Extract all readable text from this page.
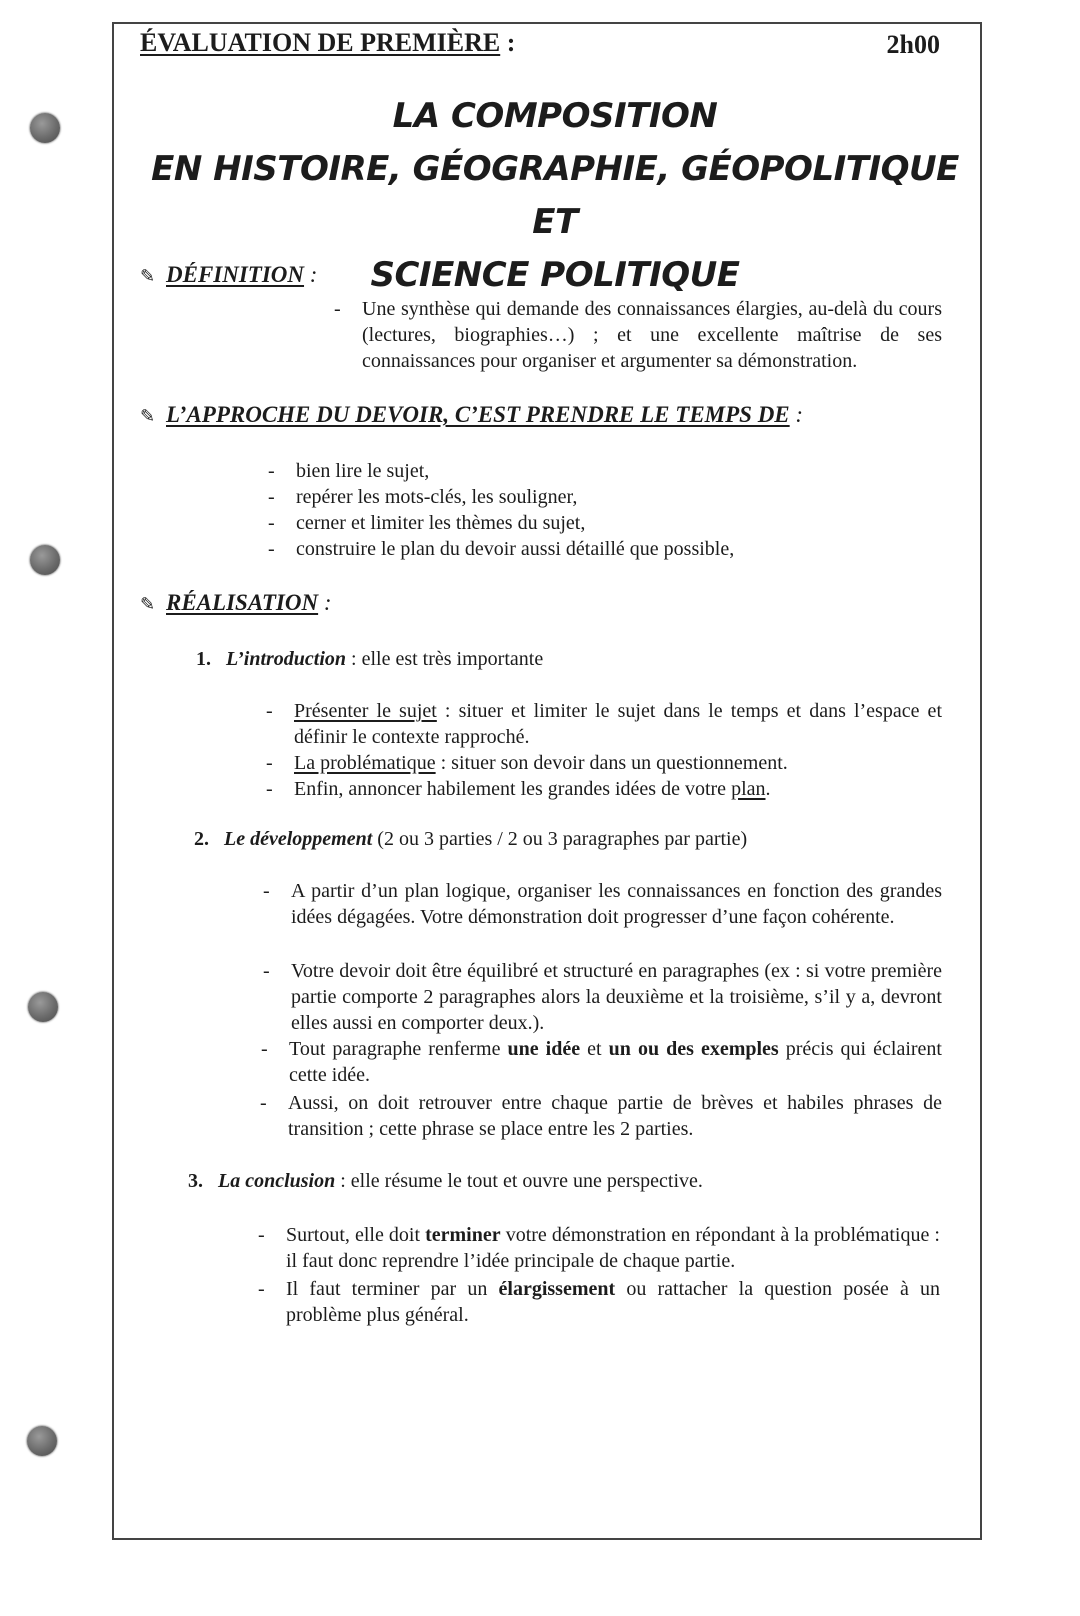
ÉVALUATION DE PREMIÈRE :	2h00
LA COMPOSITION
EN HISTOIRE, GÉOGRAPHIE, GÉOPOLITIQUE ET
SCIENCE POLITIQUE
✎ DÉFINITION :
- Une synthèse qui demande des connaissances élargies, au-delà du cours (lectures, biographies…) ; et une excellente maîtrise de ses connaissances pour organiser et argumenter sa démonstration.
✎ L’APPROCHE DU DEVOIR, C’EST PRENDRE LE TEMPS DE :
- bien lire le sujet,
- repérer les mots-clés, les souligner,
- cerner et limiter les thèmes du sujet,
- construire le plan du devoir aussi détaillé que possible,
✎ RÉALISATION :
1. L’introduction : elle est très importante
- Présenter le sujet : situer et limiter le sujet dans le temps et dans l’espace et définir le contexte rapproché.
- La problématique : situer son devoir dans un questionnement.
- Enfin, annoncer habilement les grandes idées de votre plan.
2. Le développement (2 ou 3 parties / 2 ou 3 paragraphes par partie)
- A partir d’un plan logique, organiser les connaissances en fonction des grandes idées dégagées. Votre démonstration doit progresser d’une façon cohérente.
- Votre devoir doit être équilibré et structuré en paragraphes (ex : si votre première partie comporte 2 paragraphes alors la deuxième et la troisième, s’il y a, devront elles aussi en comporter deux.).
- Tout paragraphe renferme une idée et un ou des exemples précis qui éclairent cette idée.
- Aussi, on doit retrouver entre chaque partie de brèves et habiles phrases de transition ; cette phrase se place entre les 2 parties.
3. La conclusion : elle résume le tout et ouvre une perspective.
- Surtout, elle doit terminer votre démonstration en répondant à la problématique : il faut donc reprendre l’idée principale de chaque partie.
- Il faut terminer par un élargissement ou rattacher la question posée à un problème plus général.
